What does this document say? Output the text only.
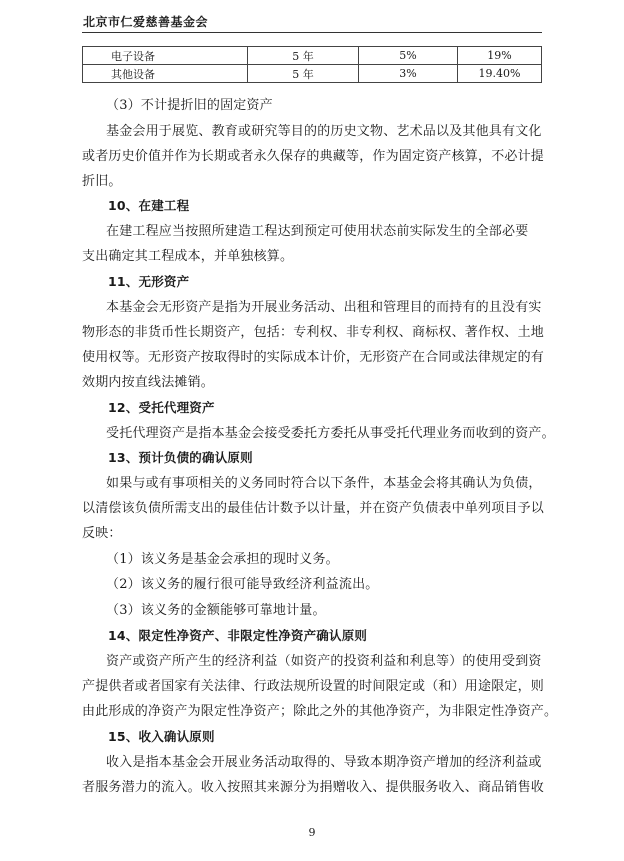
北京市仁爱慈善基金会
电子设备	5 年	5%	19%
其他设备	5 年	3%	19.40%
（3）不计提折旧的固定资产
基金会用于展览、教育或研究等目的的历史文物、艺术品以及其他具有文化
或者历史价值并作为长期或者永久保存的典藏等，作为固定资产核算，不必计提
折旧。
10、在建工程
在建工程应当按照所建造工程达到预定可使用状态前实际发生的全部必要
支出确定其工程成本，并单独核算。
11、无形资产
本基金会无形资产是指为开展业务活动、出租和管理目的而持有的且没有实
物形态的非货币性长期资产，包括：专利权、非专利权、商标权、著作权、土地
使用权等。无形资产按取得时的实际成本计价，无形资产在合同或法律规定的有
效期内按直线法摊销。
12、受托代理资产
受托代理资产是指本基金会接受委托方委托从事受托代理业务而收到的资产。
13、预计负债的确认原则
如果与或有事项相关的义务同时符合以下条件，本基金会将其确认为负债，
以清偿该负债所需支出的最佳估计数予以计量，并在资产负债表中单列项目予以
反映：
（1）该义务是基金会承担的现时义务。
（2）该义务的履行很可能导致经济利益流出。
（3）该义务的金额能够可靠地计量。
14、限定性净资产、非限定性净资产确认原则
资产或资产所产生的经济利益（如资产的投资利益和利息等）的使用受到资
产提供者或者国家有关法律、行政法规所设置的时间限定或（和）用途限定，则
由此形成的净资产为限定性净资产；除此之外的其他净资产，为非限定性净资产。
15、收入确认原则
收入是指本基金会开展业务活动取得的、导致本期净资产增加的经济利益或
者服务潜力的流入。收入按照其来源分为捐赠收入、提供服务收入、商品销售收
9
